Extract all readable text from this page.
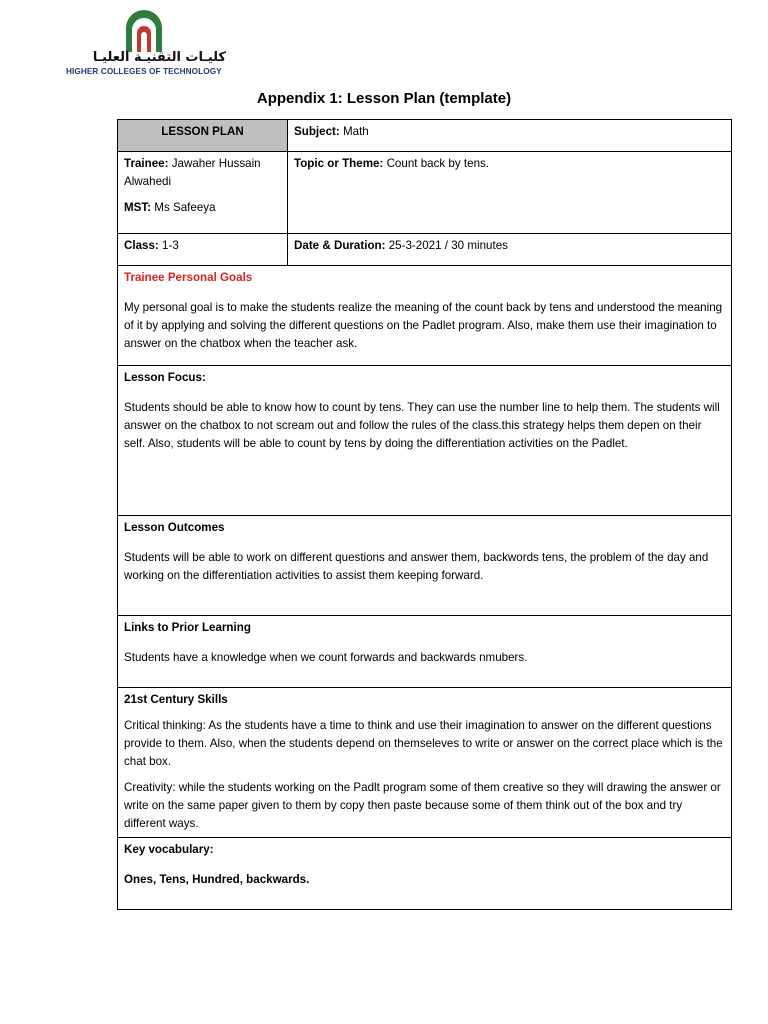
كليـات التقنيـة العليـا
HIGHER COLLEGES OF TECHNOLOGY
Appendix 1: Lesson Plan (template)
LESSON PLAN	Subject: Math

Trainee: Jawaher Hussain Alwahedi

MST: Ms Safeeya	Topic or Theme: Count back by tens.
Class: 1-3	Date & Duration: 25-3-2021 / 30 minutes

Trainee Personal Goals

My personal goal is to make the students realize the meaning of the count back by tens and understood the meaning of it by applying and solving the different questions on the Padlet program. Also, make them use their imagination to answer on the chatbox when the teacher ask.	

Lesson Focus:

Students should be able to know how to count by tens. They can use the number line to help them. The students will answer on the chatbox to not scream out and follow the rules of the class.this strategy helps them depen on their self. Also, students will be able to count by tens by doing the differentiation activities on the Padlet.	

Lesson Outcomes

Students will be able to work on different questions and answer them, backwords tens, the problem of the day and working on the differentiation activities to assist them keeping forward.	

Links to Prior Learning

Students have a knowledge when we count forwards and backwards nmubers.	

21st Century Skills

Critical thinking: As the students have a time to think and use their imagination to answer on the different questions provide to them. Also, when the students depend on themseleves to write or answer on the correct place which is the chat box.

Creativity: while the students working on the Padlt program some of them creative so they will drawing the answer or write on the same paper given to them by copy then paste because some of them think out of the box and try different ways.	

Key vocabulary:

Ones, Tens, Hundred, backwards.	
